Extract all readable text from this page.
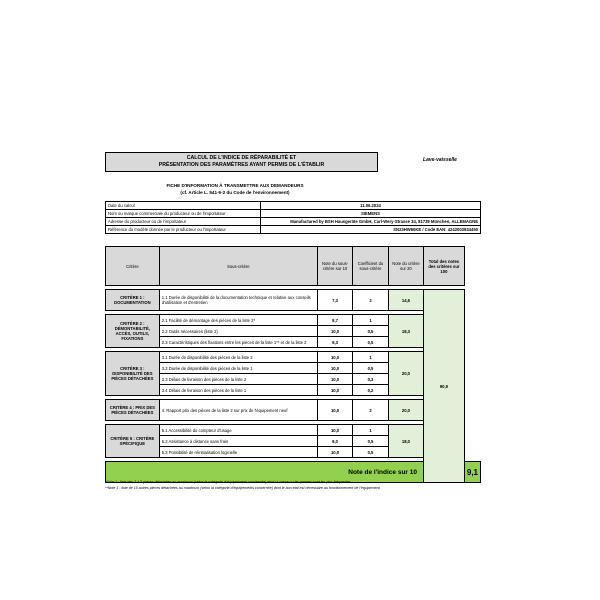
CALCUL DE L'INDICE DE RÉPARABILITÉ ET
PRÉSENTATION DES PARAMÈTRES AYANT PERMIS DE L'ÉTABLIR
Lave-vaisselle
FICHE D'INFORMATION À TRANSMETTRE AUX DEMANDEURS
(cf. Article L. 541-9-2 du Code de l'environnement)
Date du calcul	11.06.2024
Nom ou marque commerciale du producteur ou de l'importateur	SIEMENS
Adresse du producteur ou de l'importateur	Manufactured by BSH Hausgeräte GmbH, Carl-Wery-Strasse 34, 81739 München, ALLEMAGNE
Référence du modèle donnée par le producteur ou l'importateur	SN23HW60KE / Code EAN: 4242003934450
Critère	Sous-critère	Note du sous-critère sur 10	Coefficient du sous-critère	Note du critère sur 20	Total des notes des critères sur 100	

CRITÈRE 1 : DOCUMENTATION	1.1 Durée de disponibilité de la documentation technique et relative aux conseils d'utilisation et d'entretien	7,3	2	14,6	90,9	

CRITÈRE 2 : DÉMONTABILITÉ, ACCÈS, OUTILS, FIXATIONS	2.1 Facilité de démontage des pièces de la liste 2*	8,7	1	18,3		
	2.2 Outils nécessaires (liste 2)	10,0	0,5			
	2.3 Caractéristiques des fixations entre les pièces de la liste 1** et de la liste 2	9,3	0,5			

CRITÈRE 3 : DISPONIBILITÉ DES PIÈCES DÉTACHÉES	3.1 Durée de disponibilité des pièces de la liste 2	10,0	1	20,0		
	3.2 Durée de disponibilité des pièces de la liste 1	10,0	0,5			
	3.3 Délais de livraison des pièces de la liste 2	10,0	0,3			
	3.4 Délais de livraison des pièces de la liste 1	10,0	0,2			

CRITÈRE 4 : PRIX DES PIÈCES DÉTACHÉES	4. Rapport prix des pièces de la liste 2 sur prix de l'équipement neuf	10,0	2	20,0		

CRITÈRE 5 : CRITÈRE SPÉCIFIQUE	5.1 Accessibilité du compteur d'usage	10,0	1	18,0		
	5.2 Assistance à distance sans frais	8,0	0,5			
	5.3 Possibilité de réinitialisation logicielle	10,0	0,5			

Note de l'indice sur 10						9,1
*Note 1 : liste des 3 à 5 pièces détachées au maximum (selon la catégorie d'équipements concernée) dont la casse ou les pannes sont les plus fréquentes ;
**Note 1 : liste de 10 autres pièces détachées au maximum (selon la catégorie d'équipements concernée) dont le bon état est nécessaire au fonctionnement de l'équipement.
